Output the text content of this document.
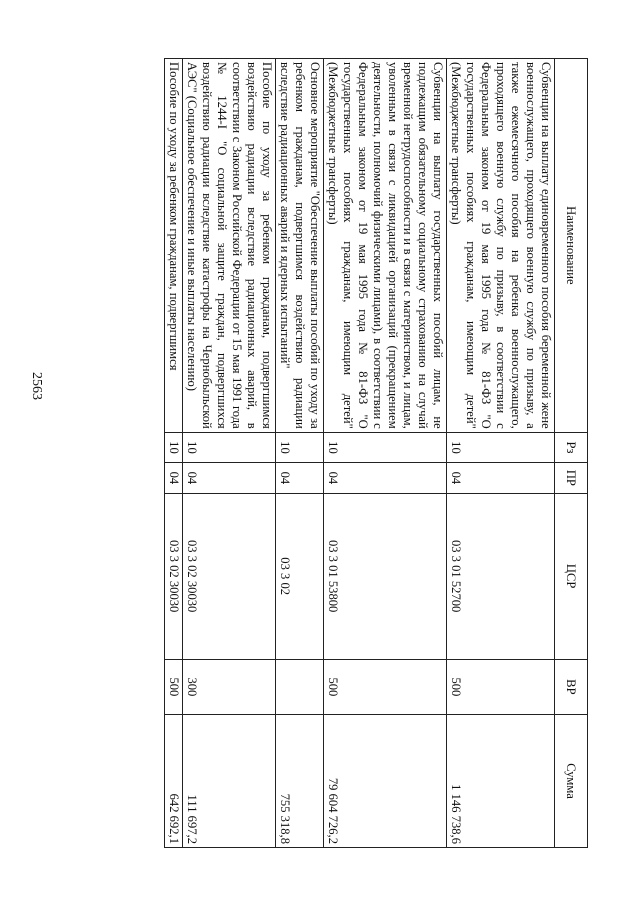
2563
Наименование	Рз	ПР	ЦСР	ВР	Сумма
Субвенции на выплату единовременного пособия беременной жене военнослужащего, проходящего военную службу по призыву, а также ежемесячного пособия на ребенка военнослужащего, проходящего военную службу по призыву, в соответствии с Федеральным законом от 19 мая 1995 года № 81-ФЗ "О государственных пособиях гражданам, имеющим детей" (Межбюджетные трансферты)	10	04	03 3 01 52700	500	1 146 738,6
Субвенции на выплату государственных пособий лицам, не подлежащим обязательному социальному страхованию на случай временной нетрудоспособности и в связи с материнством, и лицам, уволенным в связи с ликвидацией организаций (прекращением деятельности, полномочий физическими лицами), в соответствии с Федеральным законом от 19 мая 1995 года № 81-ФЗ "О государственных пособиях гражданам, имеющим детей" (Межбюджетные трансферты)	10	04	03 3 01 53800	500	79 604 726,2
Основное мероприятие "Обеспечение выплаты пособий по уходу за ребенком гражданам, подвергшимся воздействию радиации вследствие радиационных аварий и ядерных испытаний"	10	04	03 3 02		755 318,8
Пособие по уходу за ребенком гражданам, подвергшимся воздействию радиации вследствие радиационных аварий, в соответствии с Законом Российской Федерации от 15 мая 1991 года № 1244-I "О социальной защите граждан, подвергшихся воздействию радиации вследствие катастрофы на Чернобыльской АЭС" (Социальное обеспечение и иные выплаты населению)	10	04	03 3 02 30030	300	111 697,2
Пособие по уходу за ребенком гражданам, подвергшимся	10	04	03 3 02 30030	500	642 692,1
